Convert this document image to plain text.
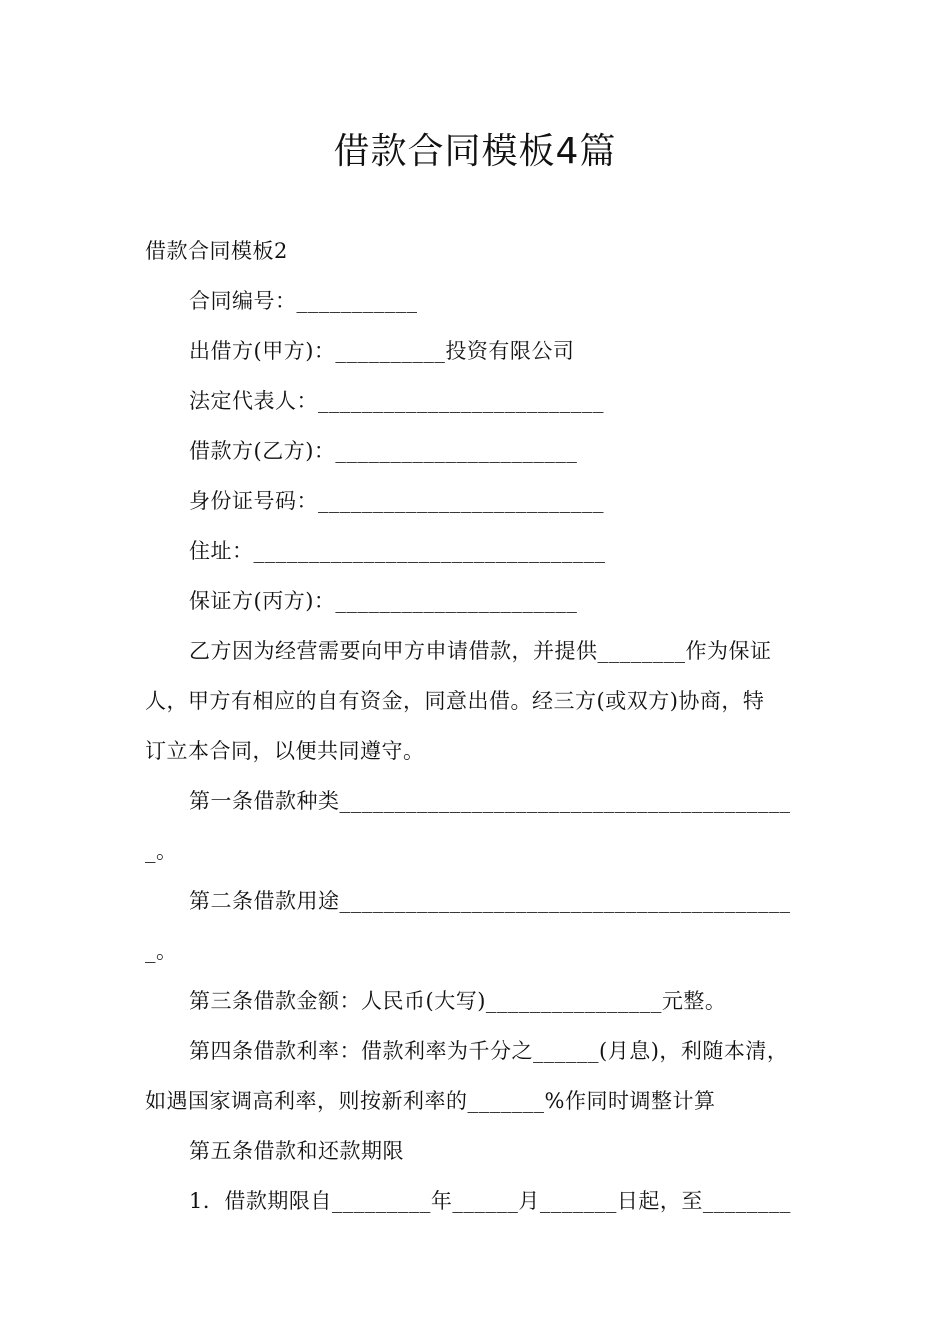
借款合同模板4篇
借款合同模板2
合同编号：___________
出借方(甲方)：__________投资有限公司
法定代表人：__________________________
借款方(乙方)：______________________
身份证号码：__________________________
住址：________________________________
保证方(丙方)：______________________
乙方因为经营需要向甲方申请借款，并提供________作为保证
人，甲方有相应的自有资金，同意出借。经三方(或双方)协商，特
订立本合同，以便共同遵守。
第一条借款种类_________________________________________
_。
第二条借款用途_________________________________________
_。
第三条借款金额：人民币(大写)________________元整。
第四条借款利率：借款利率为千分之______(月息)，利随本清，
如遇国家调高利率，则按新利率的_______%作同时调整计算
第五条借款和还款期限
1．借款期限自_________年______月_______日起，至________
